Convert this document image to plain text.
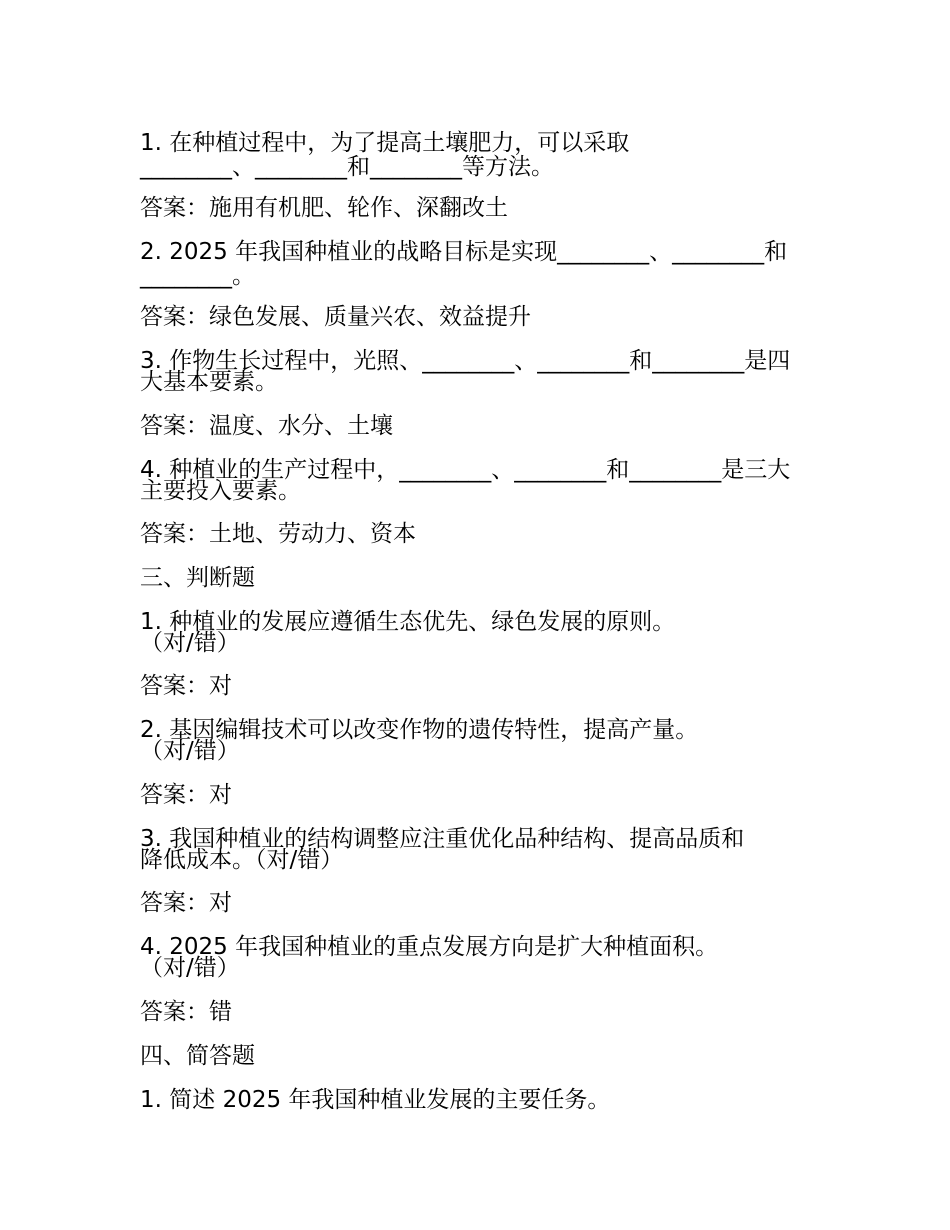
1. 在种植过程中，为了提高土壤肥力，可以采取
________、________和________等方法。
答案：施用有机肥、轮作、深翻改土
2. 2025 年我国种植业的战略目标是实现________、________和
________。
答案：绿色发展、质量兴农、效益提升
3. 作物生长过程中，光照、________、________和________是四
大基本要素。
答案：温度、水分、土壤
4. 种植业的生产过程中，________、________和________是三大
主要投入要素。
答案：土地、劳动力、资本
三、判断题
1. 种植业的发展应遵循生态优先、绿色发展的原则。
（对/错）
答案：对
2. 基因编辑技术可以改变作物的遗传特性，提高产量。
（对/错）
答案：对
3. 我国种植业的结构调整应注重优化品种结构、提高品质和
降低成本。（对/错）
答案：对
4. 2025 年我国种植业的重点发展方向是扩大种植面积。
（对/错）
答案：错
四、简答题
1. 简述 2025 年我国种植业发展的主要任务。
